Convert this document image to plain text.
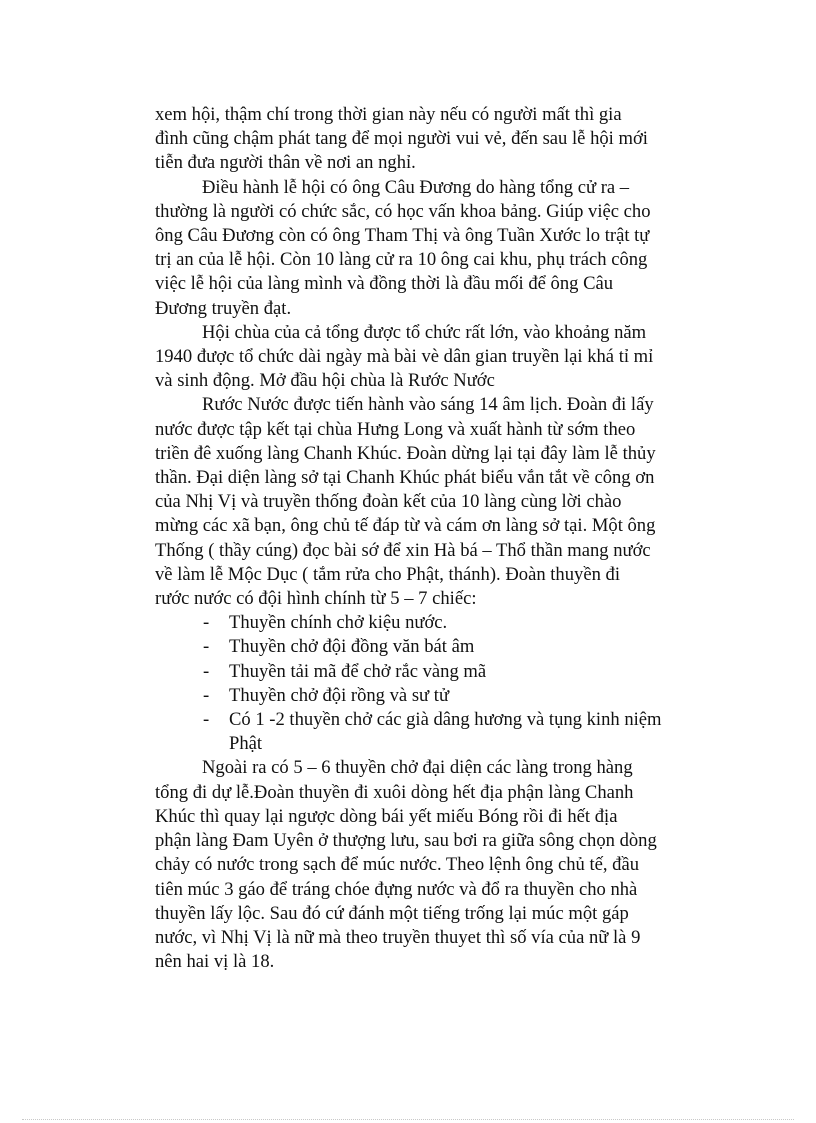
xem hội, thậm chí trong thời gian này nếu có người mất thì gia
đình cũng chậm phát tang để mọi người vui vẻ, đến sau lễ hội mới
tiễn đưa người thân về nơi an nghỉ.

Điều hành lễ hội có ông Câu Đương do hàng tổng cử ra –
thường là người có chức sắc, có học vấn khoa bảng. Giúp việc cho
ông Câu Đương còn có ông Tham Thị và ông Tuần Xước lo trật tự
trị an của lễ hội. Còn 10 làng cử ra 10 ông cai khu, phụ trách công
việc lễ hội của làng mình và đồng thời là đầu mối để ông Câu
Đương truyền đạt.

Hội chùa của cả tổng được tổ chức rất lớn, vào khoảng năm
1940 được tổ chức dài ngày mà bài vè dân gian truyền lại khá tỉ mỉ
và sinh động. Mở đầu hội chùa là Rước Nước

Rước Nước được tiến hành vào sáng 14 âm lịch. Đoàn đi lấy
nước được tập kết tại chùa Hưng Long và xuất hành từ sớm theo
triền đê xuống làng Chanh Khúc. Đoàn dừng lại tại đây làm lễ thủy
thần. Đại diện làng sở tại Chanh Khúc phát biểu vắn tắt về công ơn
của Nhị Vị và truyền thống đoàn kết của 10 làng cùng lời chào
mừng các xã bạn, ông chủ tế đáp từ và cám ơn làng sở tại. Một ông
Thống ( thầy cúng) đọc bài sớ để xin Hà bá – Thổ thần mang nước
về làm lễ Mộc Dục ( tắm rửa cho Phật, thánh). Đoàn thuyền đi
rước nước có đội hình chính từ 5 – 7 chiếc:

- Thuyền chính chở kiệu nước.
- Thuyền chở đội đồng văn bát âm
- Thuyền tải mã để chở rắc vàng mã
- Thuyền chở đội rồng và sư tử
- Có 1 -2 thuyền chở các già dâng hương và tụng kinh niệm
Phật

Ngoài ra có 5 – 6 thuyền chở đại diện các làng trong hàng
tổng đi dự lễ.Đoàn thuyền đi xuôi dòng hết địa phận làng Chanh
Khúc thì quay lại ngược dòng bái yết miếu Bóng rồi đi hết địa
phận làng Đam Uyên ở thượng lưu, sau bơi ra giữa sông chọn dòng
chảy có nước trong sạch để múc nước. Theo lệnh ông chủ tế, đầu
tiên múc 3 gáo để tráng chóe đựng nước và đổ ra thuyền cho nhà
thuyền lấy lộc. Sau đó cứ đánh một tiếng trống lại múc một gáp
nước, vì Nhị Vị là nữ mà theo truyền thuyet thì số vía của nữ là 9
nên hai vị là 18.
